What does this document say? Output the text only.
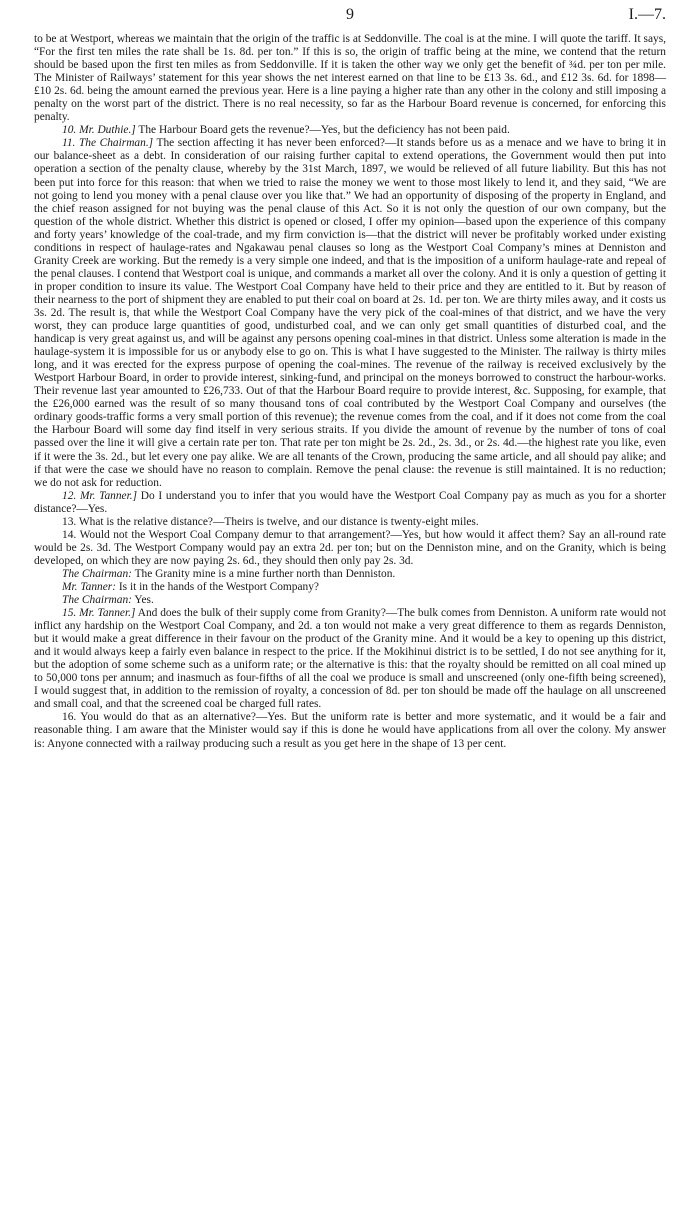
9	I.—7.

to be at Westport, whereas we maintain that the origin of the traffic is at Seddonville. The coal is at the mine. I will quote the tariff. It says, “For the first ten miles the rate shall be 1s. 8d. per ton.” If this is so, the origin of traffic being at the mine, we contend that the return should be based upon the first ten miles as from Seddonville. If it is taken the other way we only get the benefit of ¾d. per ton per mile. The Minister of Railways’ statement for this year shows the net interest earned on that line to be £13 3s. 6d., and £12 3s. 6d. for 1898—£10 2s. 6d. being the amount earned the previous year. Here is a line paying a higher rate than any other in the colony and still imposing a penalty on the worst part of the district. There is no real necessity, so far as the Harbour Board revenue is concerned, for enforcing this penalty.

10. Mr. Duthie.] The Harbour Board gets the revenue?—Yes, but the deficiency has not been paid.

11. The Chairman.] The section affecting it has never been enforced?—It stands before us as a menace and we have to bring it in our balance-sheet as a debt. In consideration of our raising further capital to extend operations, the Government would then put into operation a section of the penalty clause, whereby by the 31st March, 1897, we would be relieved of all future liability. But this has not been put into force for this reason: that when we tried to raise the money we went to those most likely to lend it, and they said, “We are not going to lend you money with a penal clause over you like that.” We had an opportunity of disposing of the property in England, and the chief reason assigned for not buying was the penal clause of this Act. So it is not only the question of our own company, but the question of the whole district. Whether this district is opened or closed, I offer my opinion—based upon the experience of this company and forty years’ knowledge of the coal-trade, and my firm conviction is—that the district will never be profitably worked under existing conditions in respect of haulage-rates and Ngakawau penal clauses so long as the Westport Coal Company’s mines at Denniston and Granity Creek are working. But the remedy is a very simple one indeed, and that is the imposition of a uniform haulage-rate and repeal of the penal clauses. I contend that Westport coal is unique, and commands a market all over the colony. And it is only a question of getting it in proper condition to insure its value. The Westport Coal Company have held to their price and they are entitled to it. But by reason of their nearness to the port of shipment they are enabled to put their coal on board at 2s. 1d. per ton. We are thirty miles away, and it costs us 3s. 2d. The result is, that while the Westport Coal Company have the very pick of the coal-mines of that district, and we have the very worst, they can produce large quantities of good, undisturbed coal, and we can only get small quantities of disturbed coal, and the handicap is very great against us, and will be against any persons opening coal-mines in that district. Unless some alteration is made in the haulage-system it is impossible for us or anybody else to go on. This is what I have suggested to the Minister. The railway is thirty miles long, and it was erected for the express purpose of opening the coal-mines. The revenue of the railway is received exclusively by the Westport Harbour Board, in order to provide interest, sinking-fund, and principal on the moneys borrowed to construct the harbour-works. Their revenue last year amounted to £26,733. Out of that the Harbour Board require to provide interest, &c. Supposing, for example, that the £26,000 earned was the result of so many thousand tons of coal contributed by the Westport Coal Company and ourselves (the ordinary goods-traffic forms a very small portion of this revenue); the revenue comes from the coal, and if it does not come from the coal the Harbour Board will some day find itself in very serious straits. If you divide the amount of revenue by the number of tons of coal passed over the line it will give a certain rate per ton. That rate per ton might be 2s. 2d., 2s. 3d., or 2s. 4d.—the highest rate you like, even if it were the 3s. 2d., but let every one pay alike. We are all tenants of the Crown, producing the same article, and all should pay alike; and if that were the case we should have no reason to complain. Remove the penal clause: the revenue is still maintained. It is no reduction; we do not ask for reduction.

12. Mr. Tanner.] Do I understand you to infer that you would have the Westport Coal Company pay as much as you for a shorter distance?—Yes.

13. What is the relative distance?—Theirs is twelve, and our distance is twenty-eight miles.

14. Would not the Wesport Coal Company demur to that arrangement?—Yes, but how would it affect them? Say an all-round rate would be 2s. 3d. The Westport Company would pay an extra 2d. per ton; but on the Denniston mine, and on the Granity, which is being developed, on which they are now paying 2s. 6d., they should then only pay 2s. 3d.

The Chairman: The Granity mine is a mine further north than Denniston.

Mr. Tanner: Is it in the hands of the Westport Company?

The Chairman: Yes.

15. Mr. Tanner.] And does the bulk of their supply come from Granity?—The bulk comes from Denniston. A uniform rate would not inflict any hardship on the Westport Coal Company, and 2d. a ton would not make a very great difference to them as regards Denniston, but it would make a great difference in their favour on the product of the Granity mine. And it would be a key to opening up this district, and it would always keep a fairly even balance in respect to the price. If the Mokihinui district is to be settled, I do not see anything for it, but the adoption of some scheme such as a uniform rate; or the alternative is this: that the royalty should be remitted on all coal mined up to 50,000 tons per annum; and inasmuch as four-fifths of all the coal we produce is small and unscreened (only one-fifth being screened), I would suggest that, in addition to the remission of royalty, a concession of 8d. per ton should be made off the haulage on all unscreened and small coal, and that the screened coal be charged full rates.

16. You would do that as an alternative?—Yes. But the uniform rate is better and more systematic, and it would be a fair and reasonable thing. I am aware that the Minister would say if this is done he would have applications from all over the colony. My answer is: Anyone connected with a railway producing such a result as you get here in the shape of 13 per cent.
